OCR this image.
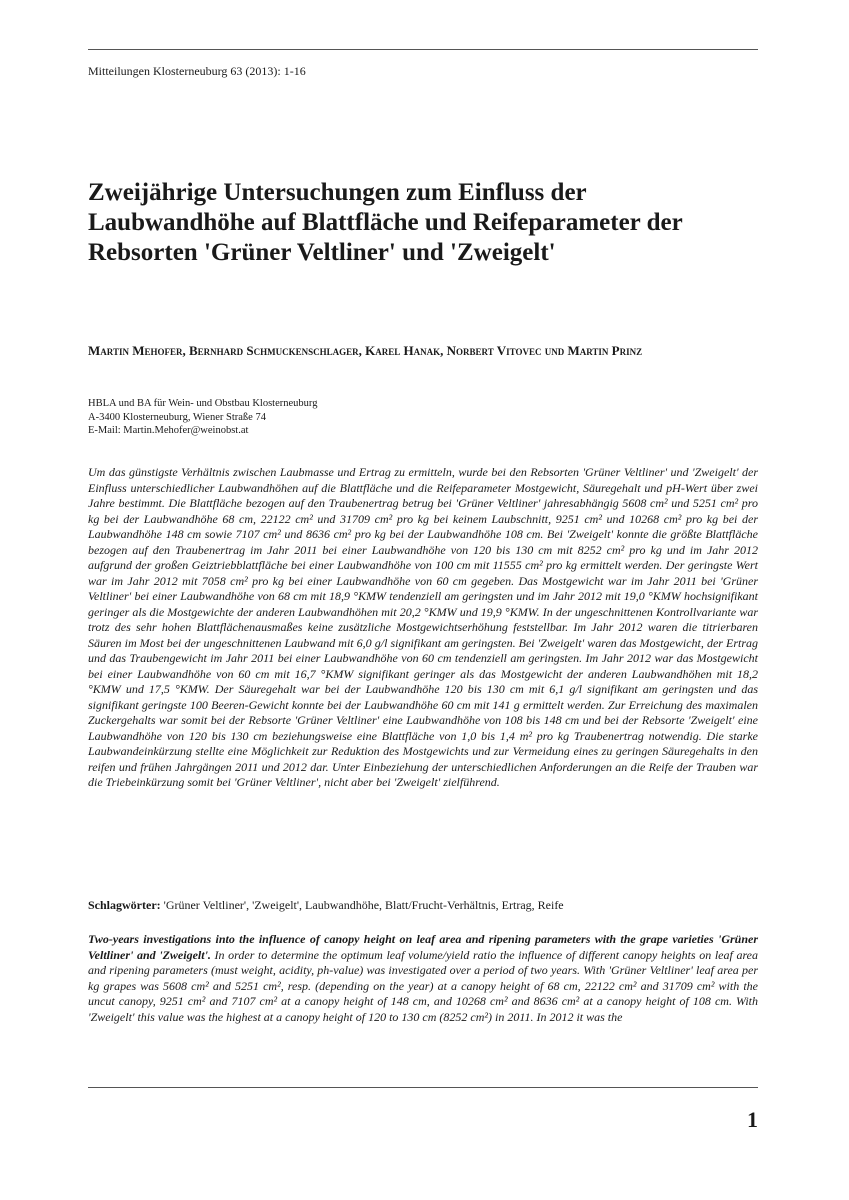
Mitteilungen Klosterneuburg 63 (2013): 1-16
Zweijährige Untersuchungen zum Einfluss der Laubwandhöhe auf Blattfläche und Reifeparameter der Rebsorten 'Grüner Veltliner' und 'Zweigelt'
Martin Mehofer, Bernhard Schmuckenschlager, Karel Hanak, Norbert Vitovec und Martin Prinz
HBLA und BA für Wein- und Obstbau Klosterneuburg
A-3400 Klosterneuburg, Wiener Straße 74
E-Mail: Martin.Mehofer@weinobst.at
Um das günstigste Verhältnis zwischen Laubmasse und Ertrag zu ermitteln, wurde bei den Rebsorten 'Grüner Veltliner' und 'Zweigelt' der Einfluss unterschiedlicher Laubwandhöhen auf die Blattfläche und die Reifeparameter Mostgewicht, Säuregehalt und pH-Wert über zwei Jahre bestimmt. Die Blattfläche bezogen auf den Traubenertrag betrug bei 'Grüner Veltliner' jahresabhängig 5608 cm² und 5251 cm² pro kg bei der Laubwandhöhe 68 cm, 22122 cm² und 31709 cm² pro kg bei keinem Laubschnitt, 9251 cm² und 10268 cm² pro kg bei der Laubwandhöhe 148 cm sowie 7107 cm² und 8636 cm² pro kg bei der Laubwandhöhe 108 cm. Bei 'Zweigelt' konnte die größte Blattfläche bezogen auf den Traubenertrag im Jahr 2011 bei einer Laubwandhöhe von 120 bis 130 cm mit 8252 cm² pro kg und im Jahr 2012 aufgrund der großen Geiztriebblattfläche bei einer Laubwandhöhe von 100 cm mit 11555 cm² pro kg ermittelt werden. Der geringste Wert war im Jahr 2012 mit 7058 cm² pro kg bei einer Laubwandhöhe von 60 cm gegeben. Das Mostgewicht war im Jahr 2011 bei 'Grüner Veltliner' bei einer Laubwandhöhe von 68 cm mit 18,9 °KMW tendenziell am geringsten und im Jahr 2012 mit 19,0 °KMW hochsignifikant geringer als die Mostgewichte der anderen Laubwandhöhen mit 20,2 °KMW und 19,9 °KMW. In der ungeschnittenen Kontrollvariante war trotz des sehr hohen Blattflächenausmaßes keine zusätzliche Mostgewichtserhöhung feststellbar. Im Jahr 2012 waren die titrierbaren Säuren im Most bei der ungeschnittenen Laubwand mit 6,0 g/l signifikant am geringsten. Bei 'Zweigelt' waren das Mostgewicht, der Ertrag und das Traubengewicht im Jahr 2011 bei einer Laubwandhöhe von 60 cm tendenziell am geringsten. Im Jahr 2012 war das Mostgewicht bei einer Laubwandhöhe von 60 cm mit 16,7 °KMW signifikant geringer als das Mostgewicht der anderen Laubwandhöhen mit 18,2 °KMW und 17,5 °KMW. Der Säuregehalt war bei der Laubwandhöhe 120 bis 130 cm mit 6,1 g/l signifikant am geringsten und das signifikant geringste 100 Beeren-Gewicht konnte bei der Laubwandhöhe 60 cm mit 141 g ermittelt werden. Zur Erreichung des maximalen Zuckergehalts war somit bei der Rebsorte 'Grüner Veltliner' eine Laubwandhöhe von 108 bis 148 cm und bei der Rebsorte 'Zweigelt' eine Laubwandhöhe von 120 bis 130 cm beziehungsweise eine Blattfläche von 1,0 bis 1,4 m² pro kg Traubenertrag notwendig. Die starke Laubwandeinkürzung stellte eine Möglichkeit zur Reduktion des Mostgewichts und zur Vermeidung eines zu geringen Säuregehalts in den reifen und frühen Jahrgängen 2011 und 2012 dar. Unter Einbeziehung der unterschiedlichen Anforderungen an die Reife der Trauben war die Triebeinkürzung somit bei 'Grüner Veltliner', nicht aber bei 'Zweigelt' zielführend.
Schlagwörter: 'Grüner Veltliner', 'Zweigelt', Laubwandhöhe, Blatt/Frucht-Verhältnis, Ertrag, Reife
Two-years investigations into the influence of canopy height on leaf area and ripening parameters with the grape varieties 'Grüner Veltliner' and 'Zweigelt'. In order to determine the optimum leaf volume/yield ratio the influence of different canopy heights on leaf area and ripening parameters (must weight, acidity, ph-value) was investigated over a period of two years. With 'Grüner Veltliner' leaf area per kg grapes was 5608 cm² and 5251 cm², resp. (depending on the year) at a canopy height of 68 cm, 22122 cm² and 31709 cm² with the uncut canopy, 9251 cm² and 7107 cm² at a canopy height of 148 cm, and 10268 cm² and 8636 cm² at a canopy height of 108 cm. With 'Zweigelt' this value was the highest at a canopy height of 120 to 130 cm (8252 cm²) in 2011. In 2012 it was the
1
